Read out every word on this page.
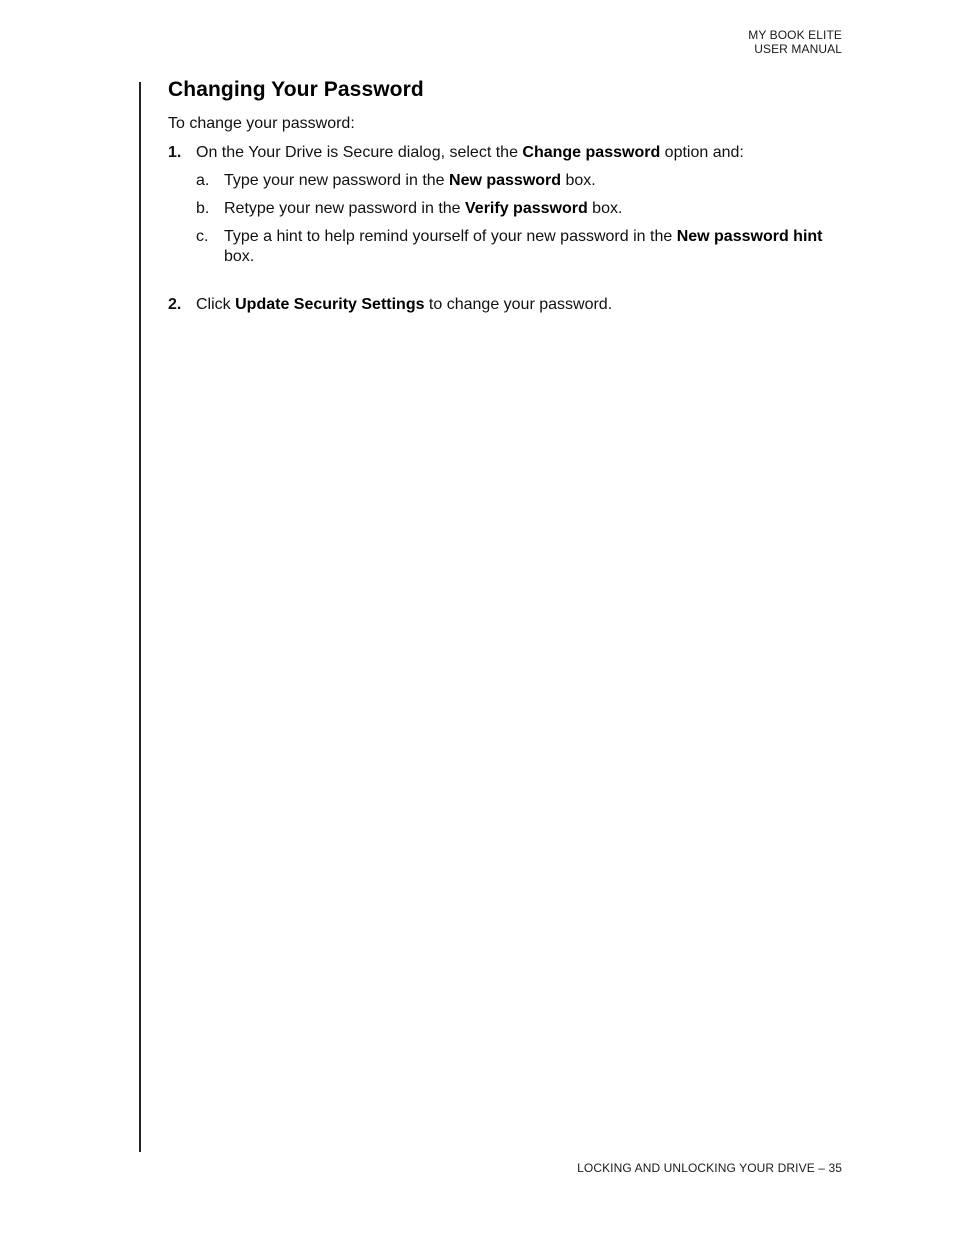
MY BOOK ELITE
USER MANUAL
Changing Your Password

To change your password:

1. On the Your Drive is Secure dialog, select the Change password option and:
a. Type your new password in the New password box.
b. Retype your new password in the Verify password box.
c. Type a hint to help remind yourself of your new password in the New password hint box.
2. Click Update Security Settings to change your password.
LOCKING AND UNLOCKING YOUR DRIVE – 35
